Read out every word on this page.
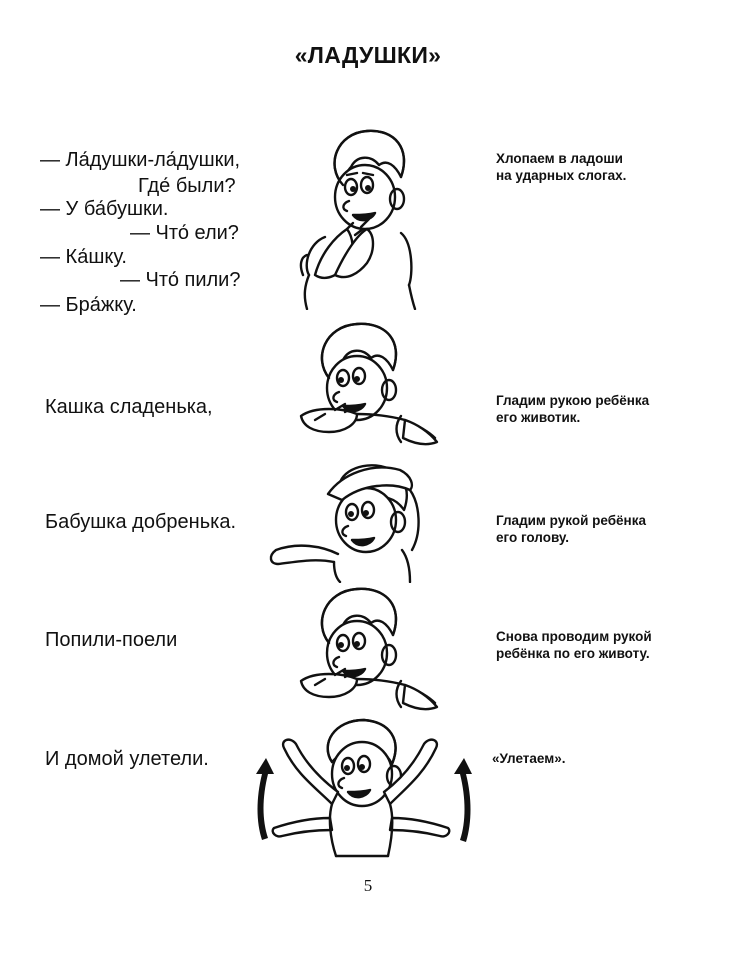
«ЛАДУШКИ»
— Ла́душки-ла́душки,
Где́ были?
— У ба́бушки.
— Что́ ели?
— Ка́шку.
— Что́ пили?
— Бра́жку.
Кашка сладенька,
Бабушка добренька.
Попили-поели
И домой улетели.
Хлопаем в ладоши
на ударных слогах.
Гладим рукою ребёнка
его животик.
Гладим рукой ребёнка
его голову.
Снова проводим рукой
ребёнка по его животу.
«Улетаем».
5
